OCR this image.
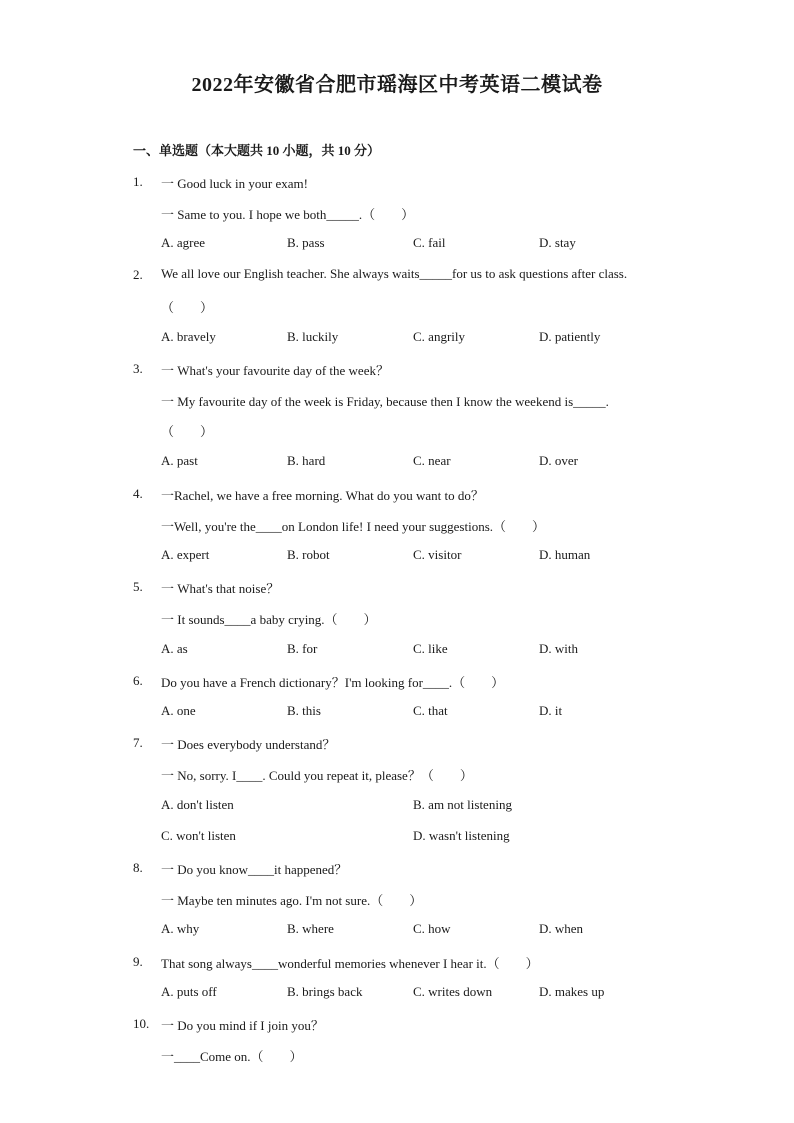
2022年安徽省合肥市瑶海区中考英语二模试卷
一、单选题（本大题共 10 小题，共 10 分）
1. 一 Good luck in your exam!
一 Same to you. I hope we both_____.（　　）
A. agree	B. pass	C. fail	D. stay
2. We all love our English teacher. She always waits_____for us to ask questions after class.
（　　）
A. bravely	B. luckily	C. angrily	D. patiently
3. 一 What's your favourite day of the week？
一 My favourite day of the week is Friday, because then I know the weekend is_____.
（　　）
A. past	B. hard	C. near	D. over
4. 一Rachel, we have a free morning. What do you want to do？
一Well, you're the____on London life! I need your suggestions.（　　）
A. expert	B. robot	C. visitor	D. human
5. 一 What's that noise？
一 It sounds____a baby crying.（　　）
A. as	B. for	C. like	D. with
6. Do you have a French dictionary？I'm looking for____.（　　）
A. one	B. this	C. that	D. it
7. 一 Does everybody understand？
一 No, sorry. I____. Could you repeat it, please？（　　）
A. don't listen	B. am not listening
C. won't listen	D. wasn't listening
8. 一 Do you know____it happened？
一 Maybe ten minutes ago. I'm not sure.（　　）
A. why	B. where	C. how	D. when
9. That song always____wonderful memories whenever I hear it.（　　）
A. puts off	B. brings back	C. writes down	D. makes up
10. 一 Do you mind if I join you？
一____Come on.（　　）
